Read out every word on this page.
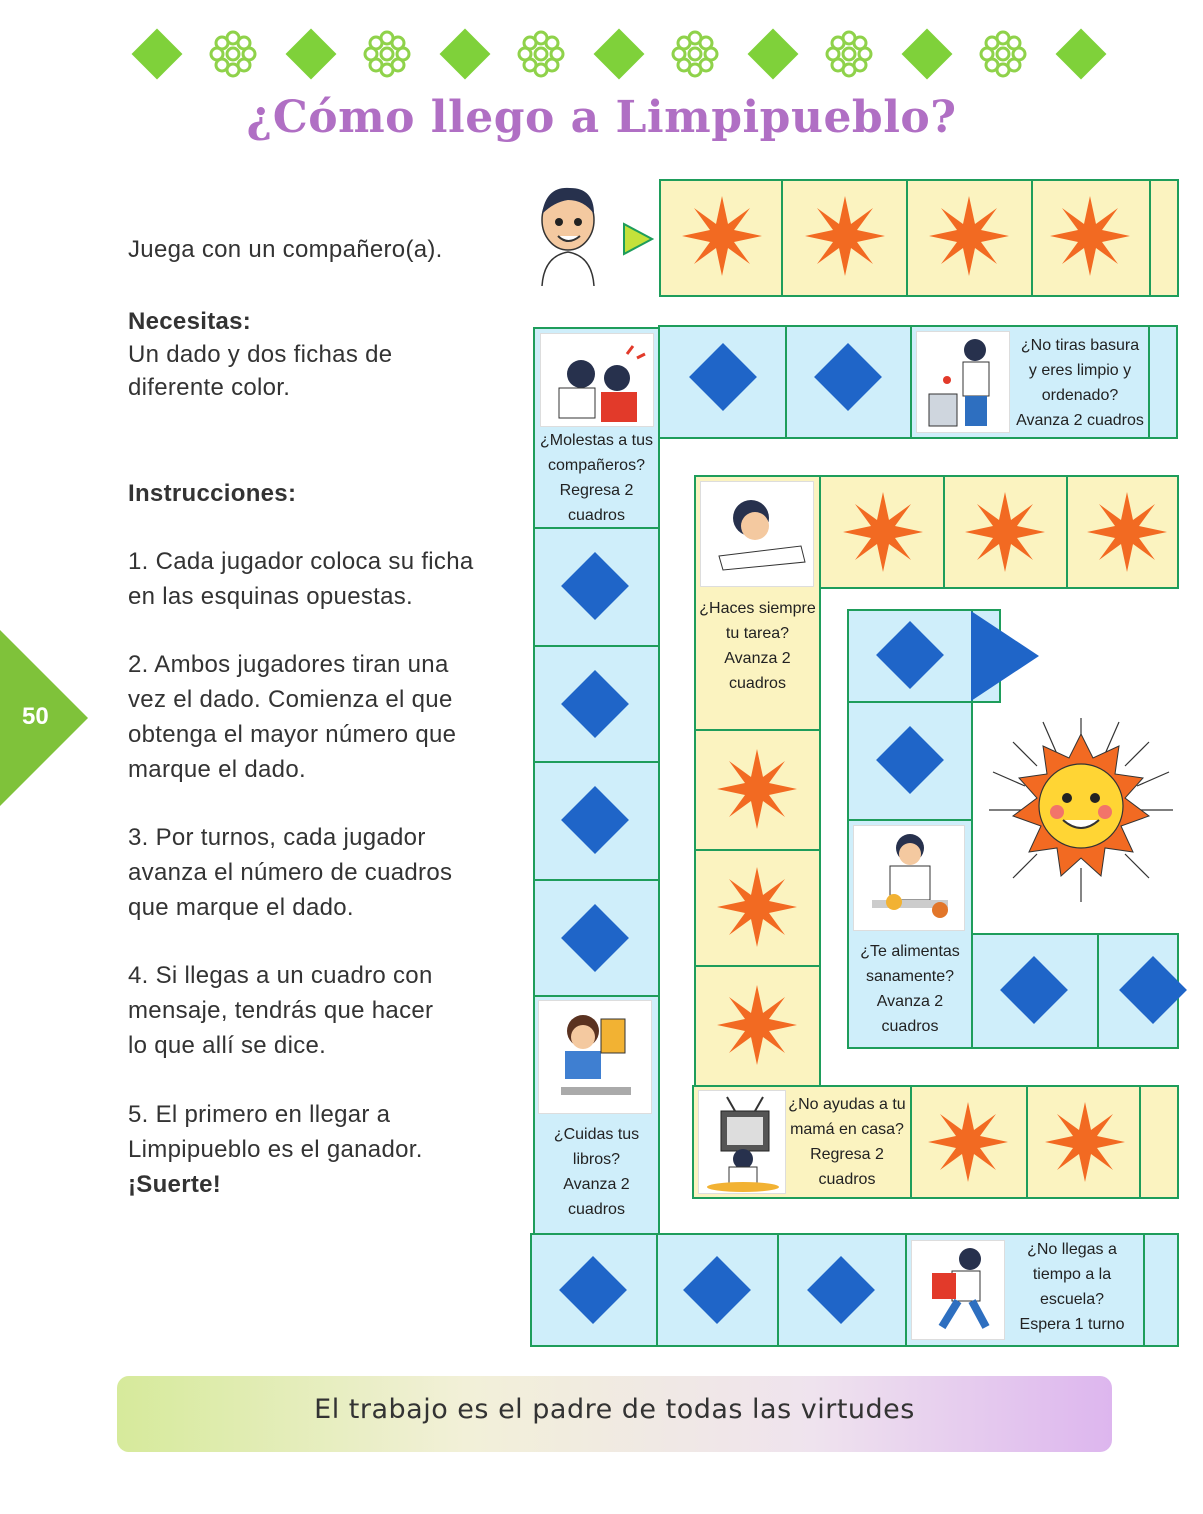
¿Cómo llego a Limpipueblo?
Juega con un compañero(a).
Necesitas:
Un dado y dos fichas de
diferente color.
Instrucciones:
1. Cada jugador coloca su ficha
en las esquinas opuestas.
2. Ambos jugadores tiran una
vez el dado. Comienza el que
obtenga el mayor número que
marque el dado.
3. Por turnos, cada jugador
avanza el número de cuadros
que marque el dado.
4. Si llegas a un cuadro con
mensaje, tendrás que hacer
lo que allí se dice.
5. El primero en llegar a
Limpipueblo es el ganador.
¡Suerte!
50
¿Molestas a tus
compañeros?
Regresa 2
cuadros
¿No tiras basura
y eres limpio y
ordenado?
Avanza 2 cuadros
¿Cuidas tus
libros?
Avanza 2
cuadros
¿No llegas a
tiempo a la
escuela?
Espera 1 turno
¿Haces siempre
tu tarea?
Avanza 2
cuadros
¿No ayudas a tu
mamá en casa?
Regresa 2
cuadros
¿Te alimentas
sanamente?
Avanza 2
cuadros
El trabajo es el padre de todas las virtudes
